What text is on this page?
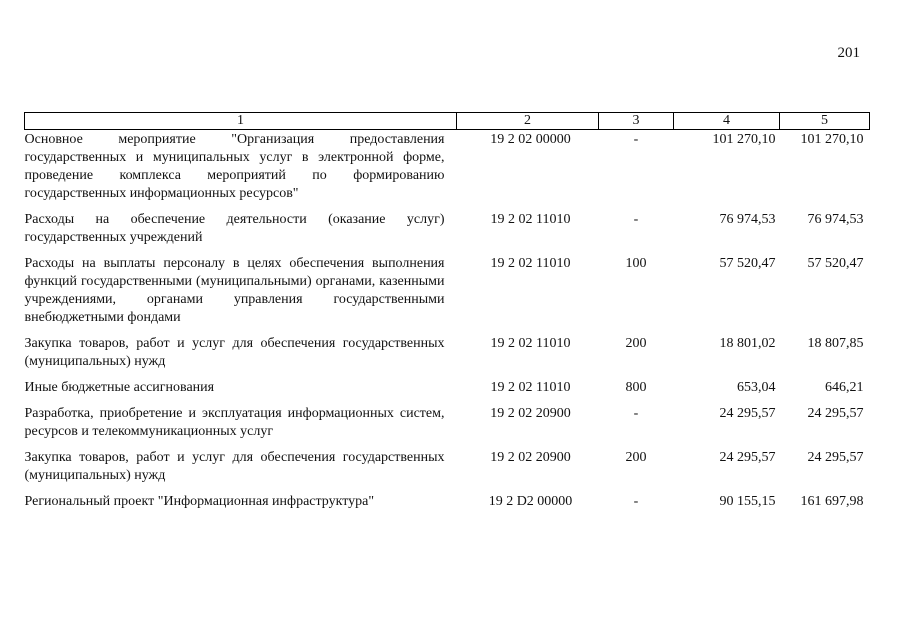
201
1	2	3	4	5
Основное мероприятие "Организация предоставления государственных и муниципальных услуг в электронной форме, проведение комплекса мероприятий по формированию государственных информационных ресурсов"	19 2 02 00000	-	101 270,10	101 270,10
Расходы на обеспечение деятельности (оказание услуг) государственных учреждений	19 2 02 11010	-	76 974,53	76 974,53
Расходы на выплаты персоналу в целях обеспечения выполнения функций государственными (муниципальными) органами, казенными учреждениями, органами управления государственными внебюджетными фондами	19 2 02 11010	100	57 520,47	57 520,47
Закупка товаров, работ и услуг для обеспечения государственных (муниципальных) нужд	19 2 02 11010	200	18 801,02	18 807,85
Иные бюджетные ассигнования	19 2 02 11010	800	653,04	646,21
Разработка, приобретение и эксплуатация информационных систем, ресурсов и телекоммуникационных услуг	19 2 02 20900	-	24 295,57	24 295,57
Закупка товаров, работ и услуг для обеспечения государственных (муниципальных) нужд	19 2 02 20900	200	24 295,57	24 295,57
Региональный проект "Информационная инфраструктура"	19 2 D2 00000	-	90 155,15	161 697,98
